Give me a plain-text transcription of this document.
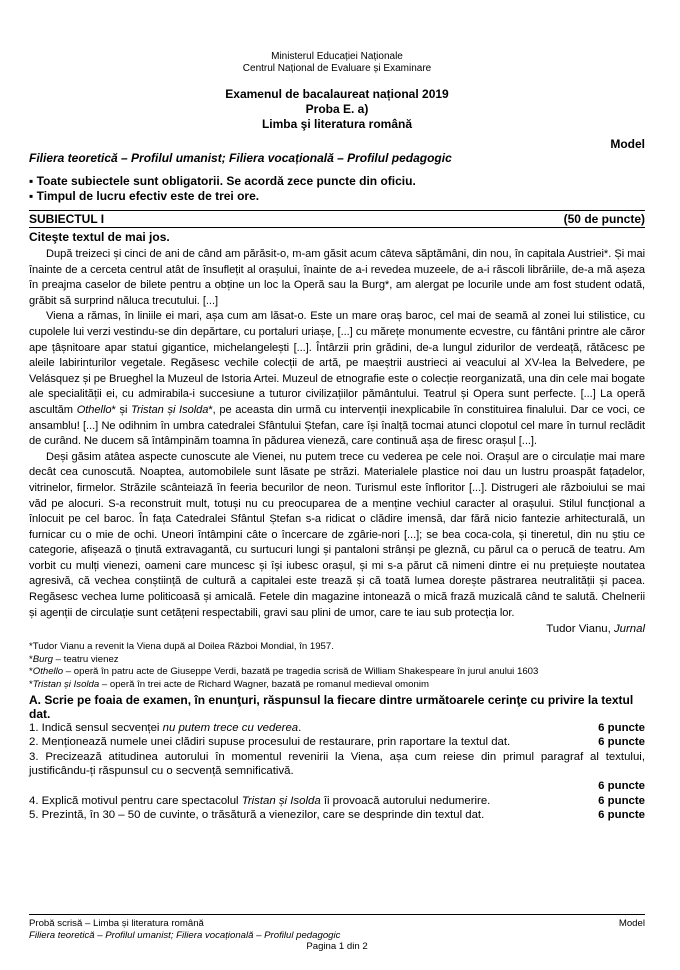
Ministerul Educației Naționale
Centrul Național de Evaluare și Examinare
Examenul de bacalaureat național 2019
Proba E. a)
Limba şi literatura română
Model
Filiera teoretică – Profilul umanist; Filiera vocațională – Profilul pedagogic
▪ Toate subiectele sunt obligatorii. Se acordă zece puncte din oficiu.
▪ Timpul de lucru efectiv este de trei ore.
SUBIECTUL I	(50 de puncte)
Citeşte textul de mai jos.

După treizeci și cinci de ani de când am părăsit-o, m-am găsit acum câteva săptămâni, din nou, în capitala Austriei*. Și mai înainte de a cerceta centrul atât de însuflețit al orașului, înainte de a-i revedea muzeele, de a-i răscoli librăriile, de-a mă așeza în preajma caselor de bilete pentru a obține un loc la Operă sau la Burg*, am alergat pe locurile unde am fost student odată, grăbit să surprind năluca trecutului. [...]

Viena a rămas, în liniile ei mari, așa cum am lăsat-o. Este un mare oraș baroc, cel mai de seamă al zonei lui stilistice, cu cupolele lui verzi vestindu-se din depărtare, cu portaluri uriașe, [...] cu mărețe monumente ecvestre, cu fântâni printre ale căror ape țâșnitoare apar statui gigantice, michelangelești [...]. Întârzii prin grădini, de-a lungul zidurilor de verdeață, rătăcesc pe aleile labirinturilor vegetale. Regăsesc vechile colecții de artă, pe maeștrii austrieci ai veacului al XV-lea la Belvedere, pe Velásquez și pe Brueghel la Muzeul de Istoria Artei. Muzeul de etnografie este o colecție reorganizată, una din cele mai bogate ale specialității ei, cu admirabila-i succesiune a tuturor civilizațiilor pământului. Teatrul și Opera sunt perfecte. [...] La operă ascultăm Othello* și Tristan și Isolda*, pe aceasta din urmă cu intervenții inexplicabile în constituirea finalului. Dar ce voci, ce ansamblu! [...] Ne odihnim în umbra catedralei Sfântului Ștefan, care își înalță tocmai atunci clopotul cel mare în turnul reclădit de curând. Ne ducem să întâmpinăm toamna în pădurea vieneză, care continuă așa de firesc orașul [...].

Deși găsim atâtea aspecte cunoscute ale Vienei, nu putem trece cu vederea pe cele noi. Orașul are o circulație mai mare decât cea cunoscută. Noaptea, automobilele sunt lăsate pe străzi. Materialele plastice noi dau un lustru proaspăt fațadelor, vitrinelor, firmelor. Străzile scânteiază în feeria becurilor de neon. Turismul este înfloritor [...]. Distrugeri ale războiului se mai văd pe alocuri. S-a reconstruit mult, totuși nu cu preocuparea de a menține vechiul caracter al orașului. Stilul funcțional a înlocuit pe cel baroc. În fața Catedralei Sfântul Ștefan s-a ridicat o clădire imensă, dar fără nicio fantezie arhitecturală, un furnicar cu o mie de ochi. Uneori întâmpini câte o încercare de zgârie-nori [...]; se bea coca-cola, și tineretul, din nu știu ce categorie, afișează o ținută extravagantă, cu surtucuri lungi și pantaloni strânși pe gleznă, cu părul ca o perucă de teatru. Am vorbit cu mulți vienezi, oameni care muncesc și își iubesc orașul, și mi s-a părut că nimeni dintre ei nu prețuiește noutatea agresivă, că vechea conștiință de cultură a capitalei este trează și că toată lumea dorește păstrarea neutralității și pacea. Regăsesc vechea lume politicoasă și amicală. Fetele din magazine intonează o mică frază muzicală când te salută. Chelnerii și agenții de circulație sunt cetățeni respectabili, gravi sau plini de umor, care te iau sub protecția lor.

Tudor Vianu, Jurnal
*Tudor Vianu a revenit la Viena după al Doilea Război Mondial, în 1957.
*Burg – teatru vienez
*Othello – operă în patru acte de Giuseppe Verdi, bazată pe tragedia scrisă de William Shakespeare în jurul anului 1603
*Tristan și Isolda – operă în trei acte de Richard Wagner, bazată pe romanul medieval omonim
A. Scrie pe foaia de examen, în enunţuri, răspunsul la fiecare dintre următoarele cerinţe cu privire la textul dat.
1. Indică sensul secvenței nu putem trece cu vederea.	6 puncte
2. Menționează numele unei clădiri supuse procesului de restaurare, prin raportare la textul dat.	6 puncte
3. Precizează atitudinea autorului în momentul revenirii la Viena, așa cum reiese din primul paragraf al textului, justificându-ți răspunsul cu o secvență semnificativă.
6 puncte
4. Explică motivul pentru care spectacolul Tristan și Isolda îi provoacă autorului nedumerire.	6 puncte
5. Prezintă, în 30 – 50 de cuvinte, o trăsătură a vienezilor, care se desprinde din textul dat.	6 puncte
Probă scrisă – Limba și literatura română	Model
Filiera teoretică – Profilul umanist; Filiera vocațională – Profilul pedagogic
Pagina 1 din 2
